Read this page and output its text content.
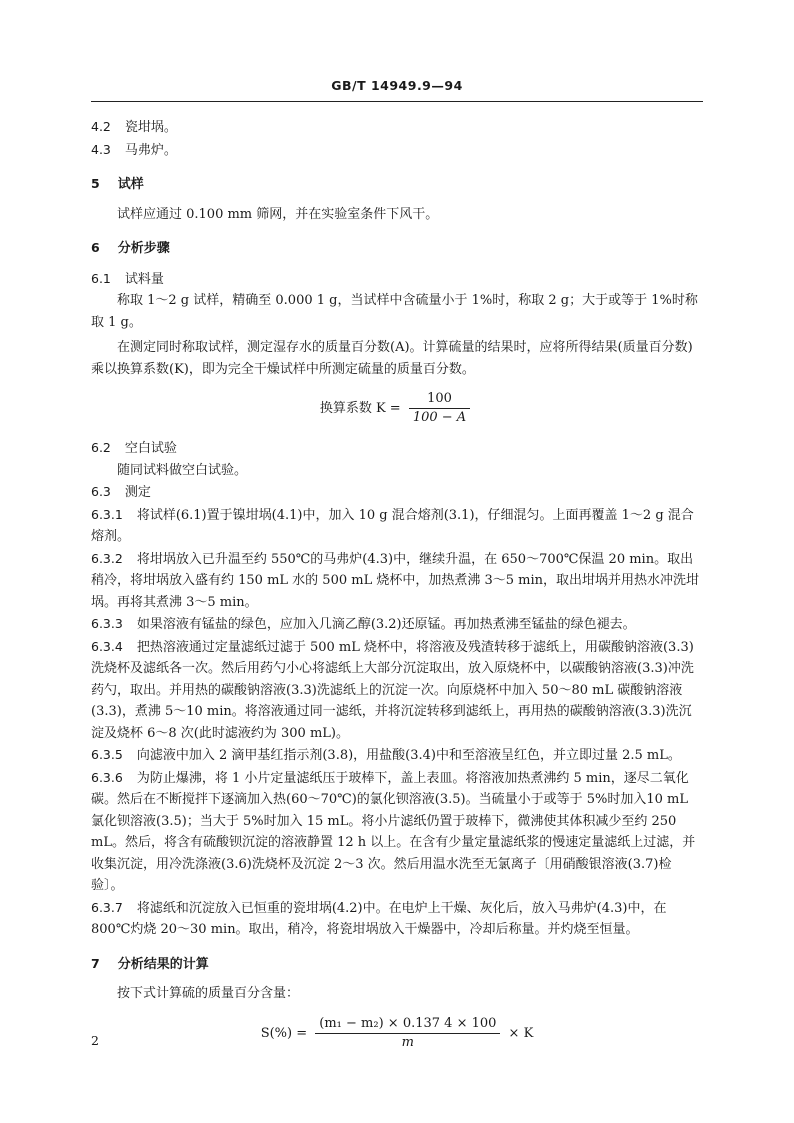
GB/T 14949.9—94

4.2 瓷坩埚。

4.3 马弗炉。

5 试样

试样应通过 0.100 mm 筛网，并在实验室条件下风干。

6 分析步骤

6.1 试料量

称取 1～2 g 试样，精确至 0.000 1 g，当试样中含硫量小于 1%时，称取 2 g；大于或等于 1%时称取 1 g。

在测定同时称取试样，测定湿存水的质量百分数(A)。计算硫量的结果时，应将所得结果(质量百分数)乘以换算系数(K)，即为完全干燥试样中所测定硫量的质量百分数。

换算系数 $K = \frac{100}{100 - A}$

6.2 空白试验

随同试料做空白试验。

6.3 测定

6.3.1 将试样(6.1)置于镍坩埚(4.1)中，加入 10 g 混合熔剂(3.1)，仔细混匀。上面再覆盖 1～2 g 混合熔剂。

6.3.2 将坩埚放入已升温至约 550℃的马弗炉(4.3)中，继续升温，在 650～700℃保温 20 min。取出稍冷，将坩埚放入盛有约 150 mL 水的 500 mL 烧杯中，加热煮沸 3～5 min，取出坩埚并用热水冲洗坩埚。再将其煮沸 3～5 min。

6.3.3 如果溶液有锰盐的绿色，应加入几滴乙醇(3.2)还原锰。再加热煮沸至锰盐的绿色褪去。

6.3.4 把热溶液通过定量滤纸过滤于 500 mL 烧杯中，将溶液及残渣转移于滤纸上，用碳酸钠溶液(3.3)洗烧杯及滤纸各一次。然后用药勺小心将滤纸上大部分沉淀取出，放入原烧杯中，以碳酸钠溶液(3.3)冲洗药勺，取出。并用热的碳酸钠溶液(3.3)洗滤纸上的沉淀一次。向原烧杯中加入 50～80 mL 碳酸钠溶液(3.3)，煮沸 5～10 min。将溶液通过同一滤纸，并将沉淀转移到滤纸上，再用热的碳酸钠溶液(3.3)洗沉淀及烧杯 6～8 次(此时滤液约为 300 mL)。

6.3.5 向滤液中加入 2 滴甲基红指示剂(3.8)，用盐酸(3.4)中和至溶液呈红色，并立即过量 2.5 mL。

6.3.6 为防止爆沸，将 1 小片定量滤纸压于玻棒下，盖上表皿。将溶液加热煮沸约 5 min，逐尽二氧化碳。然后在不断搅拌下逐滴加入热(60～70℃)的氯化钡溶液(3.5)。当硫量小于或等于 5%时加入10 mL 氯化钡溶液(3.5)；当大于 5%时加入 15 mL。将小片滤纸仍置于玻棒下，微沸使其体积减少至约 250 mL。然后，将含有硫酸钡沉淀的溶液静置 12 h 以上。在含有少量定量滤纸浆的慢速定量滤纸上过滤，并收集沉淀，用冷洗涤液(3.6)洗烧杯及沉淀 2～3 次。然后用温水洗至无氯离子〔用硝酸银溶液(3.7)检验〕。

6.3.7 将滤纸和沉淀放入已恒重的瓷坩埚(4.2)中。在电炉上干燥、灰化后，放入马弗炉(4.3)中，在 800℃灼烧 20～30 min。取出，稍冷，将瓷坩埚放入干燥器中，冷却后称量。并灼烧至恒量。

7 分析结果的计算

按下式计算硫的质量百分含量：

$S(\%) = \frac{\text{(m₁ − m₂) × 0.137 4 × 100}}{m} \times K$
2
